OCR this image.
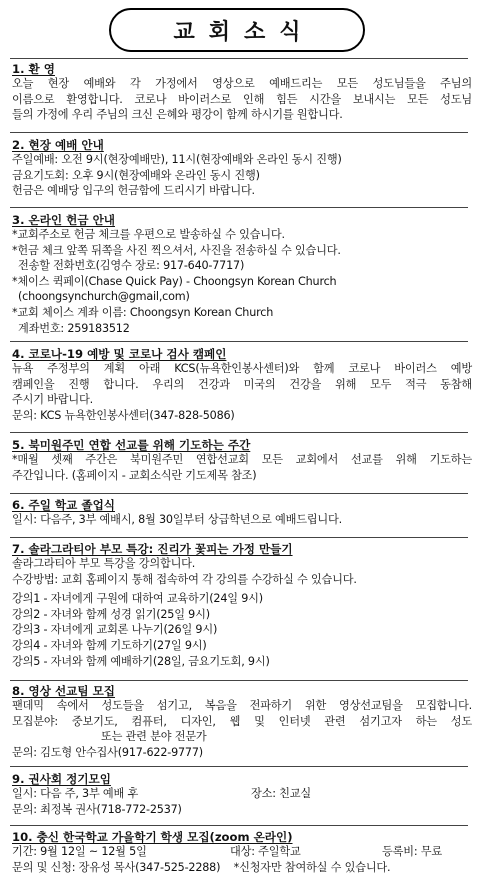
교회소식
1. 환 영
오늘 현장 예배와 각 가정에서 영상으로 예배드리는 모든 성도님들을 주님의
이름으로 환영합니다. 코로나 바이러스로 인해 힘든 시간을 보내시는 모든 성도님
들의 가정에 우리 주님의 크신 은혜와 평강이 함께 하시기를 원합니다.
2. 현장 예배 안내
주일예배: 오전 9시(현장예배만), 11시(현장예배와 온라인 동시 진행)
금요기도회: 오후 9시(현장예배와 온라인 동시 진행)
헌금은 예배당 입구의 헌금함에 드리시기 바랍니다.
3. 온라인 헌금 안내
*교회주소로 헌금 체크를 우편으로 발송하실 수 있습니다.
*헌금 체크 앞쪽 뒤쪽을 사진 찍으셔서, 사진을 전송하실 수 있습니다.
전송할 전화번호(김영수 장로: 917-640-7717)
*체이스 퀵페이(Chase Quick Pay) - Choongsyn Korean Church
(choongsynchurch@gmail,com)
*교회 체이스 계좌 이름: Choongsyn Korean Church
계좌번호: 259183512
4. 코로나-19 예방 및 코로나 검사 캠페인
뉴욕 주정부의 계획 아래 KCS(뉴욕한인봉사센터)와 함께 코로나 바이러스 예방
캠페인을 진행 합니다. 우리의 건강과 미국의 건강을 위해 모두 적극 동참해
주시기 바랍니다.
문의: KCS 뉴욕한인봉사센터(347-828-5086)
5. 북미원주민 연합 선교를 위해 기도하는 주간
*매월 셋째 주간은 북미원주민 연합선교회 모든 교회에서 선교를 위해 기도하는
주간입니다. (홈페이지 - 교회소식란 기도제목 참조)
6. 주일 학교 졸업식
일시: 다음주, 3부 예배시, 8월 30일부터 상급학년으로 예배드립니다.
7. 솔라그라티아 부모 특강: 진리가 꽃피는 가정 만들기
솔라그라티아 부모 특강을 강의합니다.
수강방법: 교회 홈페이지 통해 접속하여 각 강의를 수강하실 수 있습니다.
강의1 - 자녀에게 구원에 대하여 교육하기(24일 9시)
강의2 - 자녀와 함께 성경 읽기(25일 9시)
강의3 - 자녀에게 교회론 나누기(26일 9시)
강의4 - 자녀와 함께 기도하기(27일 9시)
강의5 - 자녀와 함께 예배하기(28일, 금요기도회, 9시)
8. 영상 선교팀 모집
팬데믹 속에서 성도들을 섬기고, 복음을 전파하기 위한 영상선교팀을 모집합니다.
모집분야: 중보기도, 컴퓨터, 디자인, 웹 및 인터넷 관련 섬기고자 하는 성도
또는 관련 분야 전문가
문의: 김도형 안수집사(917-622-9777)
9. 권사회 정기모임
일시: 다음 주, 3부 예배 후	장소: 친교실
문의: 최정복 권사(718-772-2537)
10. 충신 한국학교 가을학기 학생 모집(zoom 온라인)
기간: 9월 12일 ~ 12월 5일	대상: 주일학교	등록비: 무료
문의 및 신청: 장유성 목사(347-525-2288)    *신청자만 참여하실 수 있습니다.
